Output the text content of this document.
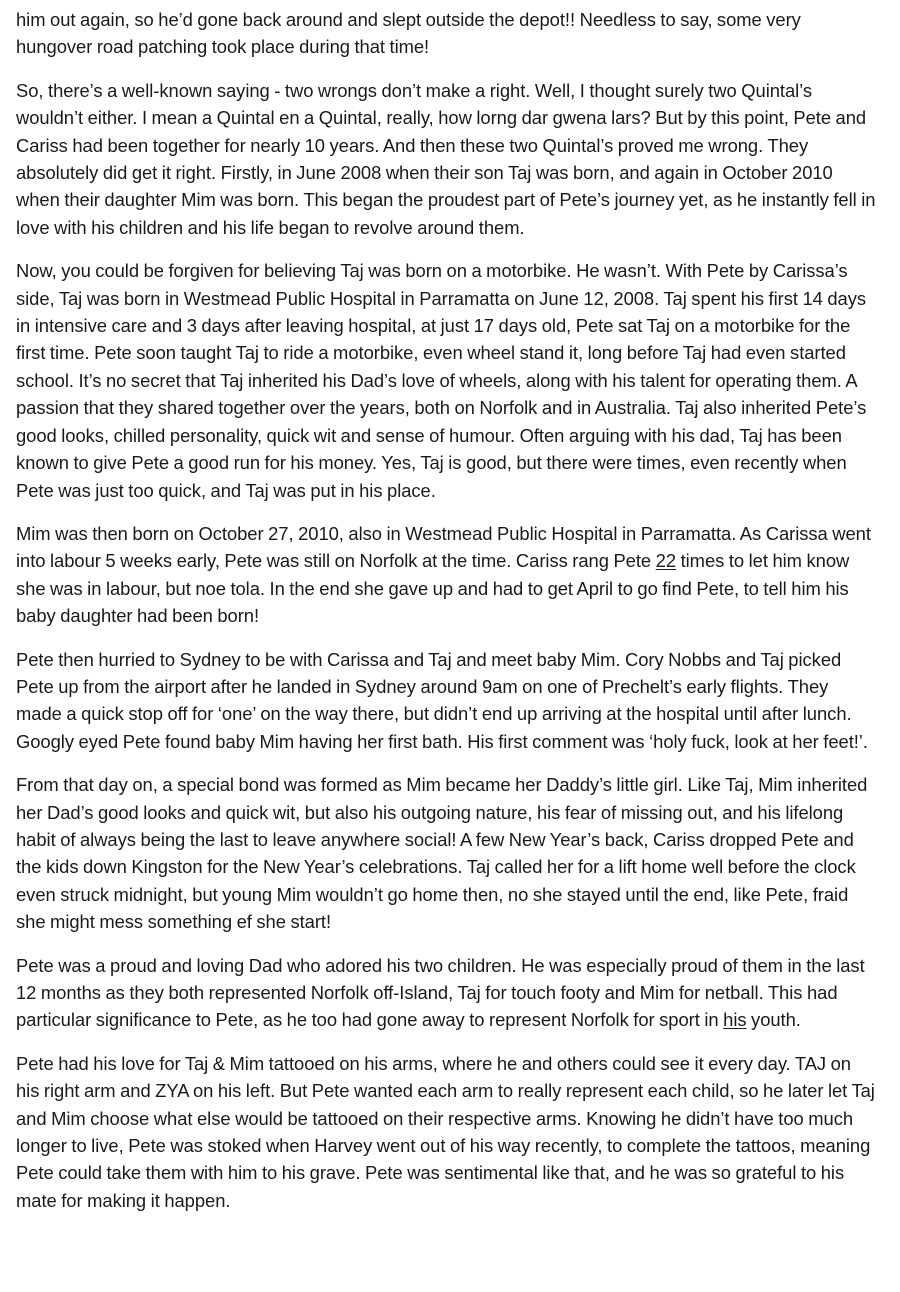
him out again, so he’d gone back around and slept outside the depot!! Needless to say, some very hungover road patching took place during that time!

So, there’s a well-known saying - two wrongs don’t make a right. Well, I thought surely two Quintal’s wouldn’t either. I mean a Quintal en a Quintal, really, how lorng dar gwena lars? But by this point, Pete and Cariss had been together for nearly 10 years. And then these two Quintal’s proved me wrong. They absolutely did get it right. Firstly, in June 2008 when their son Taj was born, and again in October 2010 when their daughter Mim was born. This began the proudest part of Pete’s journey yet, as he instantly fell in love with his children and his life began to revolve around them.

Now, you could be forgiven for believing Taj was born on a motorbike. He wasn’t. With Pete by Carissa’s side, Taj was born in Westmead Public Hospital in Parramatta on June 12, 2008. Taj spent his first 14 days in intensive care and 3 days after leaving hospital, at just 17 days old, Pete sat Taj on a motorbike for the first time. Pete soon taught Taj to ride a motorbike, even wheel stand it, long before Taj had even started school. It’s no secret that Taj inherited his Dad’s love of wheels, along with his talent for operating them. A passion that they shared together over the years, both on Norfolk and in Australia. Taj also inherited Pete’s good looks, chilled personality, quick wit and sense of humour. Often arguing with his dad, Taj has been known to give Pete a good run for his money. Yes, Taj is good, but there were times, even recently when Pete was just too quick, and Taj was put in his place.

Mim was then born on October 27, 2010, also in Westmead Public Hospital in Parramatta. As Carissa went into labour 5 weeks early, Pete was still on Norfolk at the time. Cariss rang Pete 22 times to let him know she was in labour, but noe tola. In the end she gave up and had to get April to go find Pete, to tell him his baby daughter had been born!

Pete then hurried to Sydney to be with Carissa and Taj and meet baby Mim. Cory Nobbs and Taj picked Pete up from the airport after he landed in Sydney around 9am on one of Prechelt’s early flights. They made a quick stop off for ‘one’ on the way there, but didn’t end up arriving at the hospital until after lunch. Googly eyed Pete found baby Mim having her first bath. His first comment was ‘holy fuck, look at her feet!’.

From that day on, a special bond was formed as Mim became her Daddy’s little girl. Like Taj, Mim inherited her Dad’s good looks and quick wit, but also his outgoing nature, his fear of missing out, and his lifelong habit of always being the last to leave anywhere social! A few New Year’s back, Cariss dropped Pete and the kids down Kingston for the New Year’s celebrations. Taj called her for a lift home well before the clock even struck midnight, but young Mim wouldn’t go home then, no she stayed until the end, like Pete, fraid she might mess something ef she start!

Pete was a proud and loving Dad who adored his two children. He was especially proud of them in the last 12 months as they both represented Norfolk off-Island, Taj for touch footy and Mim for netball. This had particular significance to Pete, as he too had gone away to represent Norfolk for sport in his youth.

Pete had his love for Taj & Mim tattooed on his arms, where he and others could see it every day. TAJ on his right arm and ZYA on his left. But Pete wanted each arm to really represent each child, so he later let Taj and Mim choose what else would be tattooed on their respective arms. Knowing he didn’t have too much longer to live, Pete was stoked when Harvey went out of his way recently, to complete the tattoos, meaning Pete could take them with him to his grave. Pete was sentimental like that, and he was so grateful to his mate for making it happen.
